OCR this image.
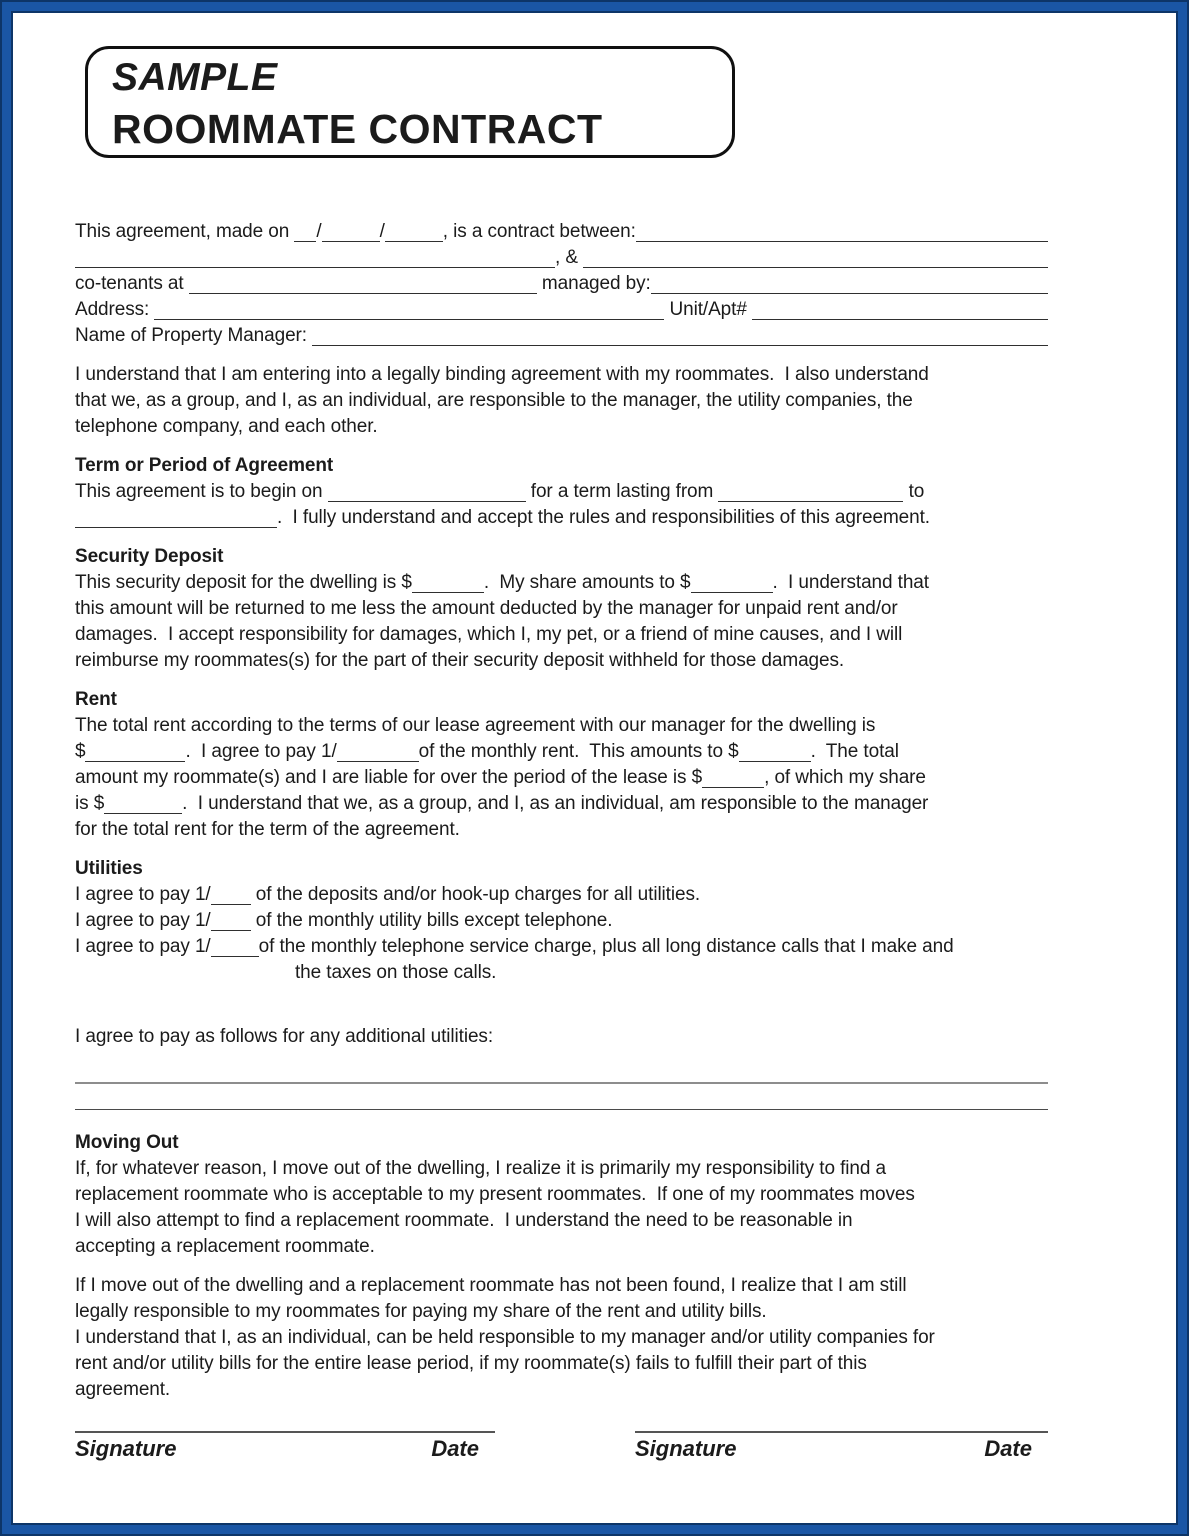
SAMPLE
ROOMMATE CONTRACT
This agreement, made on /	/	, is a contract between:
, &
co-tenants at	managed by:
Address:	Unit/Apt#
Name of Property Manager:
I understand that I am entering into a legally binding agreement with my roommates.  I also understand
that we, as a group, and I, as an individual, are responsible to the manager, the utility companies, the
telephone company, and each other.
Term or Period of Agreement
This agreement is to begin on	for a term lasting from	to
.  I fully understand and accept the rules and responsibilities of this agreement.
Security Deposit
This security deposit for the dwelling is $	.  My share amounts to $	.  I understand that
this amount will be returned to me less the amount deducted by the manager for unpaid rent and/or
damages.  I accept responsibility for damages, which I, my pet, or a friend of mine causes, and I will
reimburse my roommates(s) for the part of their security deposit withheld for those damages.
Rent
The total rent according to the terms of our lease agreement with our manager for the dwelling is
$	.  I agree to pay 1/	of the monthly rent.  This amounts to $	.  The total
amount my roommate(s) and I are liable for over the period of the lease is $	, of which my share
is $	.  I understand that we, as a group, and I, as an individual, am responsible to the manager
for the total rent for the term of the agreement.
Utilities
I agree to pay 1/ of the deposits and/or hook-up charges for all utilities.
I agree to pay 1/ of the monthly utility bills except telephone.
I agree to pay 1/	of the monthly telephone service charge, plus all long distance calls that I make and
the taxes on those calls.
I agree to pay as follows for any additional utilities:
Moving Out
If, for whatever reason, I move out of the dwelling, I realize it is primarily my responsibility to find a
replacement roommate who is acceptable to my present roommates.  If one of my roommates moves
I will also attempt to find a replacement roommate.  I understand the need to be reasonable in
accepting a replacement roommate.
If I move out of the dwelling and a replacement roommate has not been found, I realize that I am still
legally responsible to my roommates for paying my share of the rent and utility bills.
I understand that I, as an individual, can be held responsible to my manager and/or utility companies for
rent and/or utility bills for the entire lease period, if my roommate(s) fails to fulfill their part of this
agreement.
Signature	Date	Signature	Date
